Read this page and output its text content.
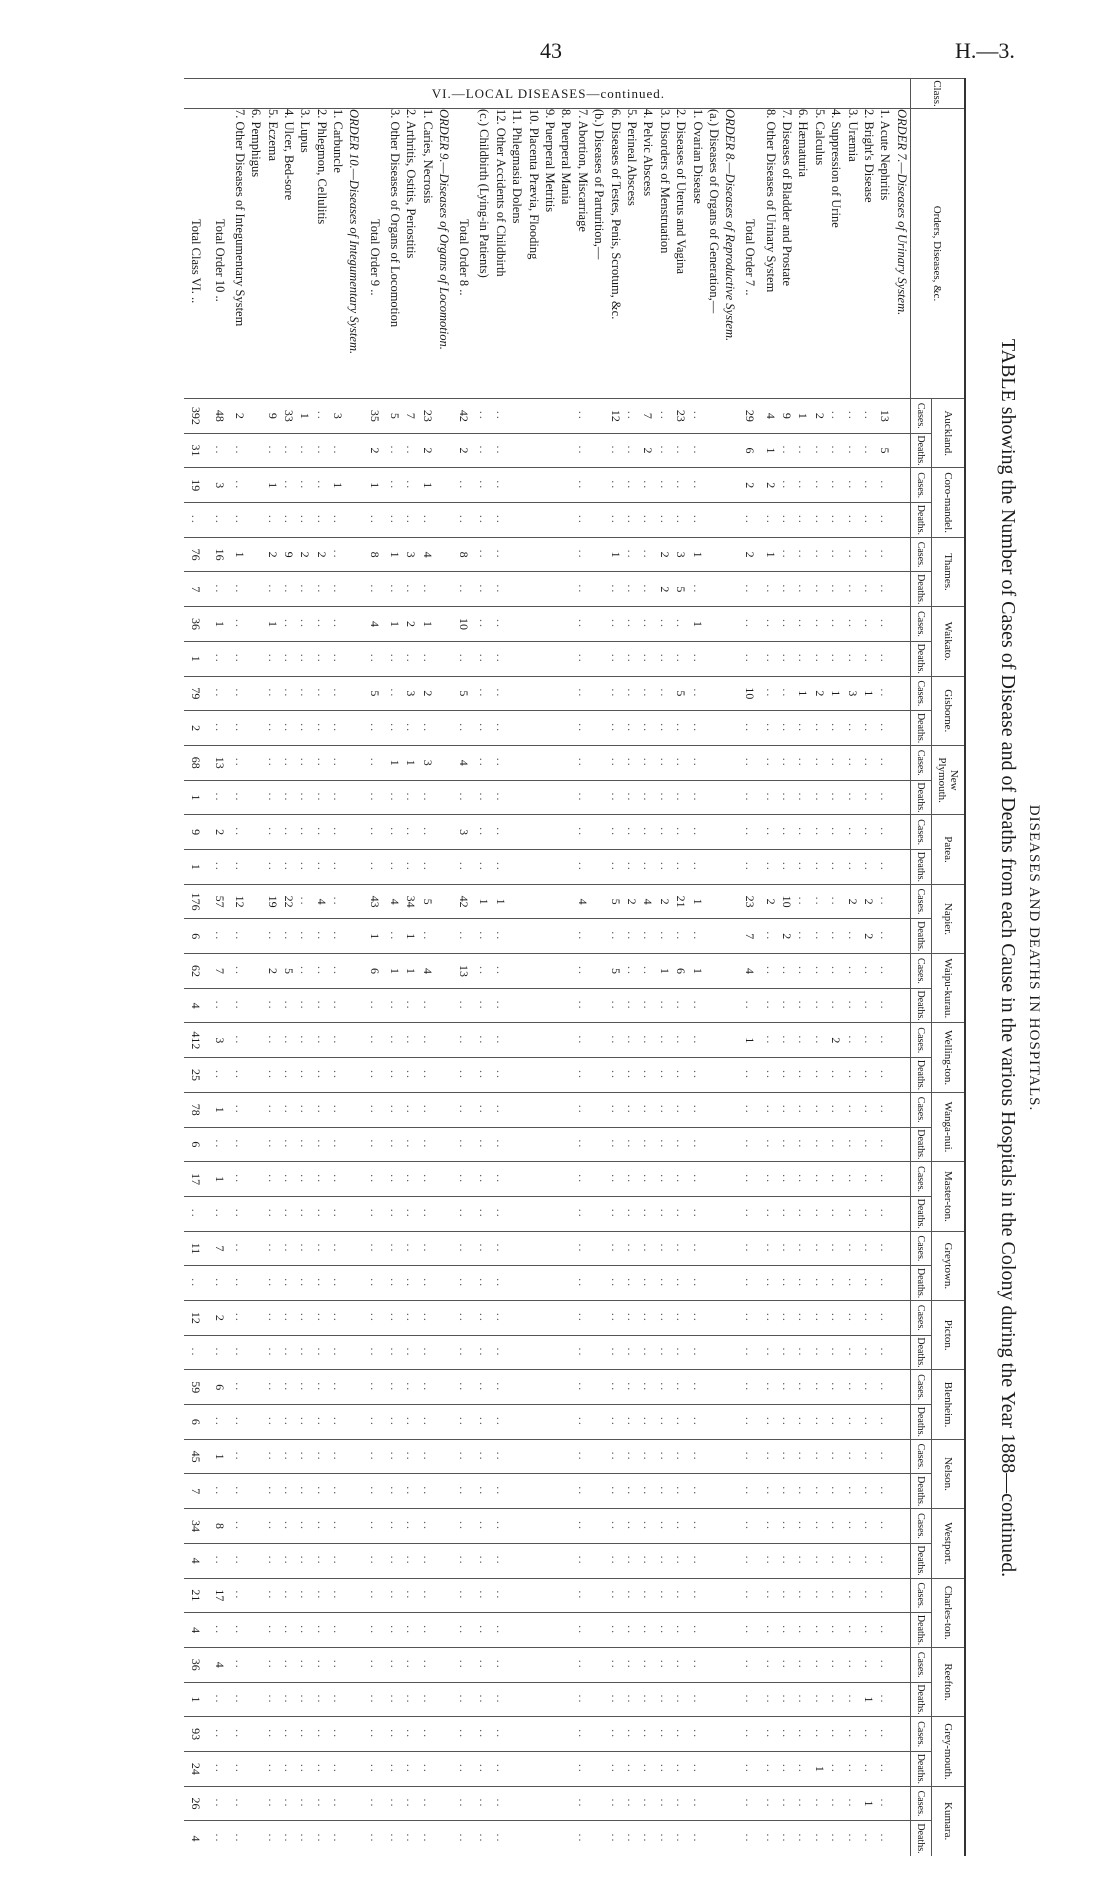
43	H.—3.
DISEASES AND DEATHS IN HOSPITALS.
TABLE showing the Number of Cases of Disease and of Deaths from each Cause in the various Hospitals in the Colony during the Year 1888—continued.
Class.	Orders, Diseases, &c.	Auckland.		Coro-mandel.		Thames.		Waikato.		Gisborne.		New Plymouth.		Patea.		Napier.		Waipu-kurau.		Welling-ton.		Wanga-nui.		Master-ton.		Greytown.		Picton.		Blenheim.		Nelson.		Westport.		Charles-ton.		Reefton.		Grey-mouth.		Kumara.	
		Cases.	Deaths.	Cases.	Deaths.	Cases.	Deaths.	Cases.	Deaths.	Cases.	Deaths.	Cases.	Deaths.	Cases.	Deaths.	Cases.	Deaths.	Cases.	Deaths.	Cases.	Deaths.	Cases.	Deaths.	Cases.	Deaths.	Cases.	Deaths.	Cases.	Deaths.	Cases.	Deaths.	Cases.	Deaths.	Cases.	Deaths.	Cases.	Deaths.	Cases.	Deaths.	Cases.	Deaths.	Cases.	Deaths.
VI.—LOCAL DISEASES—continued.	ORDER 7.—Diseases of Urinary System.																																										
	1. Acute Nephritis	13	5	..	..	..	..	..	..	..	..	..	..	..	..	..	..	..	..	..	..	..	..	..	..	..	..	..	..	..	..	..	..	..	..	..	..	..	..	..	..	..	..
	2. Bright's Disease	..	..	..	..	..	..	..	..	1	..	..	..	..	..	2	2	..	..	..	..	..	..	..	..	..	..	..	..	..	..	..	..	..	..	..	..	..	1	..	..	1	..
	3. Uræmia	..	..	..	..	..	..	..	..	3	..	..	..	..	..	2	..	..	..	..	..	..	..	..	..	..	..	..	..	..	..	..	..	..	..	..	..	..	..	..	..	..	..
	4. Suppression of Urine	..	..	..	..	..	..	..	..	1	..	..	..	..	..	..	..	..	..	2	..	..	..	..	..	..	..	..	..	..	..	..	..	..	..	..	..	..	..	..	..	..	..
	5. Calculus	2	..	..	..	..	..	..	..	2	..	..	..	..	..	..	..	..	..	..	..	..	..	..	..	..	..	..	..	..	..	..	..	..	..	..	..	..	..	..	1	..	..
	6. Hæmaturia	1	..	..	..	..	..	..	..	1	..	..	..	..	..	..	..	..	..	..	..	..	..	..	..	..	..	..	..	..	..	..	..	..	..	..	..	..	..	..	..	..	..
	7. Diseases of Bladder and Prostate	9	..	..	..	..	..	..	..	..	..	..	..	..	..	10	2	..	..	..	..	..	..	..	..	..	..	..	..	..	..	..	..	..	..	..	..	..	..	..	..	..	..
	8. Other Diseases of Urinary System	4	1	2	..	1	..	..	..	..	..	..	..	..	..	2	..	..	..	..	..	..	..	..	..	..	..	..	..	..	..	..	..	..	..	..	..	..	..	..	..	..	..
	Total Order 7 ..	29	6	2	..	2	..	..	..	10	..	..	..	..	..	23	7	4	..	1	..	..	..	..	..	..	..	..	..	..	..	..	..	..	..	..	..	..	..	..	..	..	..
	ORDER 8.—Diseases of Reproductive System.																																										
	(a.) Diseases of Organs of Generation,—																																										
	1. Ovarian Disease	..	..	..	..	1	..	1	..	..	..	..	..	..	..	1	..	1	..	..	..	..	..	..	..	..	..	..	..	..	..	..	..	..	..	..	..	..	..	..	..	..	..
	2. Diseases of Uterus and Vagina	23	..	..	..	3	5	..	..	5	..	..	..	..	..	21	..	6	..	..	..	..	..	..	..	..	..	..	..	..	..	..	..	..	..	..	..	..	..	..	..	..	..
	3. Disorders of Menstruation	..	..	..	..	2	2	..	..	..	..	..	..	..	..	2	..	1	..	..	..	..	..	..	..	..	..	..	..	..	..	..	..	..	..	..	..	..	..	..	..	..	..
	4. Pelvic Abscess	7	2	..	..	..	..	..	..	..	..	..	..	..	..	4	..	..	..	..	..	..	..	..	..	..	..	..	..	..	..	..	..	..	..	..	..	..	..	..	..	..	..
	5. Perineal Abscess	..	..	..	..	..	..	..	..	..	..	..	..	..	..	2	..	..	..	..	..	..	..	..	..	..	..	..	..	..	..	..	..	..	..	..	..	..	..	..	..	..	..
	6. Diseases of Testes, Penis, Scrotum, &c.	12	..	..	..	1	..	..	..	..	..	..	..	..	..	5	..	5	..	..	..	..	..	..	..	..	..	..	..	..	..	..	..	..	..	..	..	..	..	..	..	..	..
	(b.) Diseases of Parturition,—																																										
	7. Abortion, Miscarriage	..	..	..	..	..	..	..	..	..	..	..	..	..	..	4	..	..	..	..	..	..	..	..	..	..	..	..	..	..	..	..	..	..	..	..	..	..	..	..	..	..	..
	8. Puerperal Mania																																										
	9. Puerperal Metritis																																										
	10. Placenta Prævia, Flooding																																										
	11. Phlegmasia Dolens																																										
	12. Other Accidents of Childbirth	..	..	..	..	..	..	..	..	..	..	..	..	..	..	1	..	..	..	..	..	..	..	..	..	..	..	..	..	..	..	..	..	..	..	..	..	..	..	..	..	..	..
	(c.) Childbirth (Lying-in Patients)	..	..	..	..	..	..	..	..	..	..	..	..	..	..	1	..	..	..	..	..	..	..	..	..	..	..	..	..	..	..	..	..	..	..	..	..	..	..	..	..	..	..
	Total Order 8 ..	42	2	..	..	8	..	10	..	5	..	4	..	3	..	42	..	13	..	..	..	..	..	..	..	..	..	..	..	..	..	..	..	..	..	..	..	..	..	..	..	..	..
	ORDER 9.—Diseases of Organs of Locomotion.																																										
	1. Caries, Necrosis	23	2	1	..	4	..	1	..	2	..	3	..	..	..	5	..	4	..	..	..	..	..	..	..	..	..	..	..	..	..	..	..	..	..	..	..	..	..	..	..	..	..
	2. Arthritis, Ostitis, Periostitis	7	..	..	..	3	..	2	..	3	..	1	..	..	..	34	1	1	..	..	..	..	..	..	..	..	..	..	..	..	..	..	..	..	..	..	..	..	..	..	..	..	..
	3. Other Diseases of Organs of Locomotion	5	..	..	..	1	..	1	..	..	..	1	..	..	..	4	..	1	..	..	..	..	..	..	..	..	..	..	..	..	..	..	..	..	..	..	..	..	..	..	..	..	..
	Total Order 9 ..	35	2	1	..	8	..	4	..	5	..	..	..	..	..	43	1	6	..	..	..	..	..	..	..	..	..	..	..	..	..	..	..	..	..	..	..	..	..	..	..	..	..
	ORDER 10.—Diseases of Integumentary System.																																										
	1. Carbuncle	3	..	1	..	..	..	..	..	..	..	..	..	..	..	..	..	..	..	..	..	..	..	..	..	..	..	..	..	..	..	..	..	..	..	..	..	..	..	..	..	..	..
	2. Phlegmon, Cellulitis	..	..	..	..	2	..	..	..	..	..	..	..	..	..	4	..	..	..	..	..	..	..	..	..	..	..	..	..	..	..	..	..	..	..	..	..	..	..	..	..	..	..
	3. Lupus	1	..	..	..	2	..	..	..	..	..	..	..	..	..	..	..	..	..	..	..	..	..	..	..	..	..	..	..	..	..	..	..	..	..	..	..	..	..	..	..	..	..
	4. Ulcer, Bed-sore	33	..	..	..	9	..	..	..	..	..	..	..	..	..	22	..	5	..	..	..	..	..	..	..	..	..	..	..	..	..	..	..	..	..	..	..	..	..	..	..	..	..
	5. Eczema	9	..	1	..	2	..	1	..	..	..	..	..	..	..	19	..	2	..	..	..	..	..	..	..	..	..	..	..	..	..	..	..	..	..	..	..	..	..	..	..	..	..
	6. Pemphigus																																										
	7. Other Diseases of Integumentary System	2	..	..	..	1	..	..	..	..	..	..	..	..	..	12	..	..	..	..	..	..	..	..	..	..	..	..	..	..	..	..	..	..	..	..	..	..	..	..	..	..	..
	Total Order 10 ..	48	..	3	..	16	..	1	..	..	..	13	..	2	..	57	..	7	..	3	..	1	..	1	..	7	..	2	..	6	..	1	..	8	..	17	..	4	..	..	..	..	..
	Total Class VI. ..	392	31	19	..	76	7	36	1	79	2	68	1	9	1	176	6	62	4	412	25	78	6	17	..	11	..	12	..	59	6	45	7	34	4	21	4	36	1	93	24	26	4
